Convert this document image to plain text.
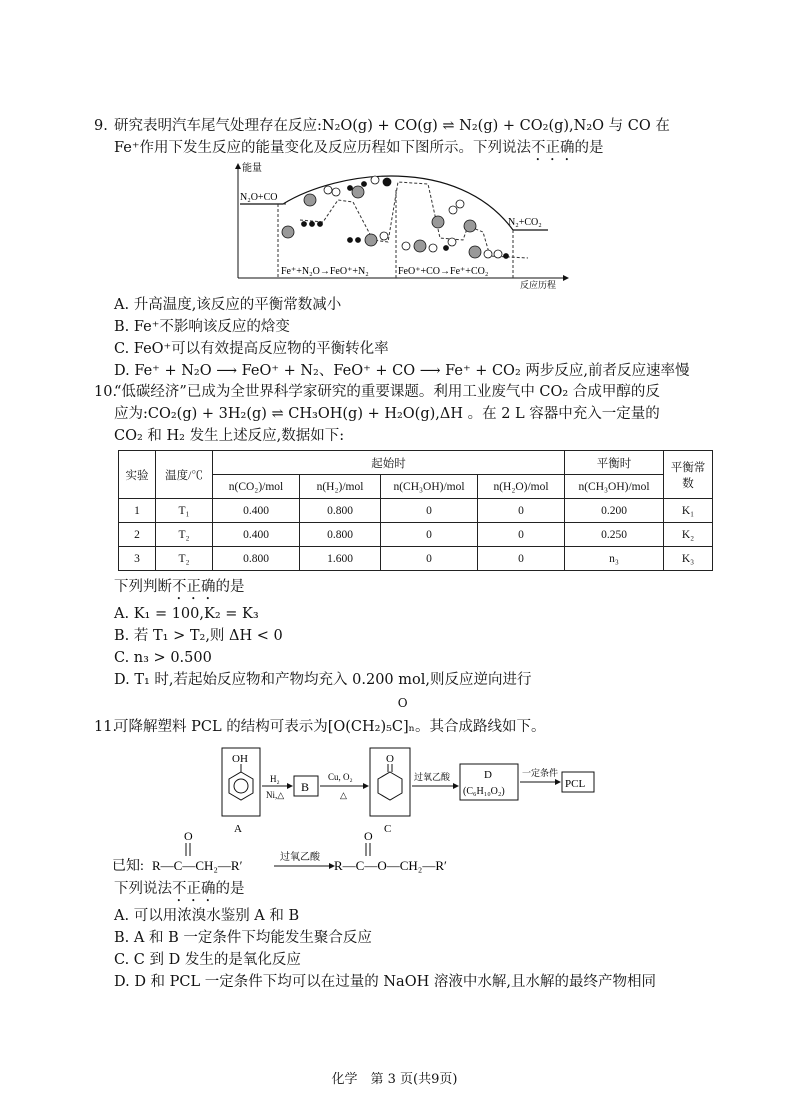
9. 研究表明汽车尾气处理存在反应:N₂O(g) + CO(g) ⇌ N₂(g) + CO₂(g),N₂O 与 CO 在
Fe⁺作用下发生反应的能量变化及反应历程如下图所示。下列说法不正确的是
能量
反应历程
N₂O+CO
N₂+CO₂
Fe⁺+N₂O→FeO⁺+N₂	FeO⁺+CO→Fe⁺+CO₂
A. 升高温度,该反应的平衡常数减小
B. Fe⁺不影响该反应的焓变
C. FeO⁺可以有效提高反应物的平衡转化率
D. Fe⁺ + N₂O ⟶ FeO⁺ + N₂、FeO⁺ + CO ⟶ Fe⁺ + CO₂ 两步反应,前者反应速率慢
10.“低碳经济”已成为全世界科学家研究的重要课题。利用工业废气中 CO₂ 合成甲醇的反
应为:CO₂(g) + 3H₂(g) ⇌ CH₃OH(g) + H₂O(g),ΔH 。在 2 L 容器中充入一定量的
CO₂ 和 H₂ 发生上述反应,数据如下:
实验	温度/℃	起始时				平衡时	平衡常数
		n(CO₂)/mol	n(H₂)/mol	n(CH₃OH)/mol	n(H₂O)/mol	n(CH₃OH)/mol	
1	T₁	0.400	0.800	0	0	0.200	K₁
2	T₂	0.400	0.800	0	0	0.250	K₂
3	T₂	0.800	1.600	0	0	n₃	K₃
下列判断不正确的是
A. K₁ = 100,K₂ = K₃
B. 若 T₁ > T₂,则 ΔH < 0
C. n₃ > 0.500
D. T₁ 时,若起始反应物和产物均充入 0.200 mol,则反应逆向进行
11.可降解塑料 PCL 的结构可表示为
O
[O(CH₂)₅C]ₙ。其合成路线如下。
OH
A
H₂
Ni,△
B
Cu, O₂
△
O
C
过氧乙酸	D
(C₆H₁₀O₂)
一定条件
PCL
已知:
O
R—C—CH₂—R′
过氧乙酸
O
R—C—O—CH₂—R′
下列说法不正确的是
A. 可以用浓溴水鉴别 A 和 B
B. A 和 B 一定条件下均能发生聚合反应
C. C 到 D 发生的是氧化反应
D. D 和 PCL 一定条件下均可以在过量的 NaOH 溶液中水解,且水解的最终产物相同
化学　第 3 页(共9页)
